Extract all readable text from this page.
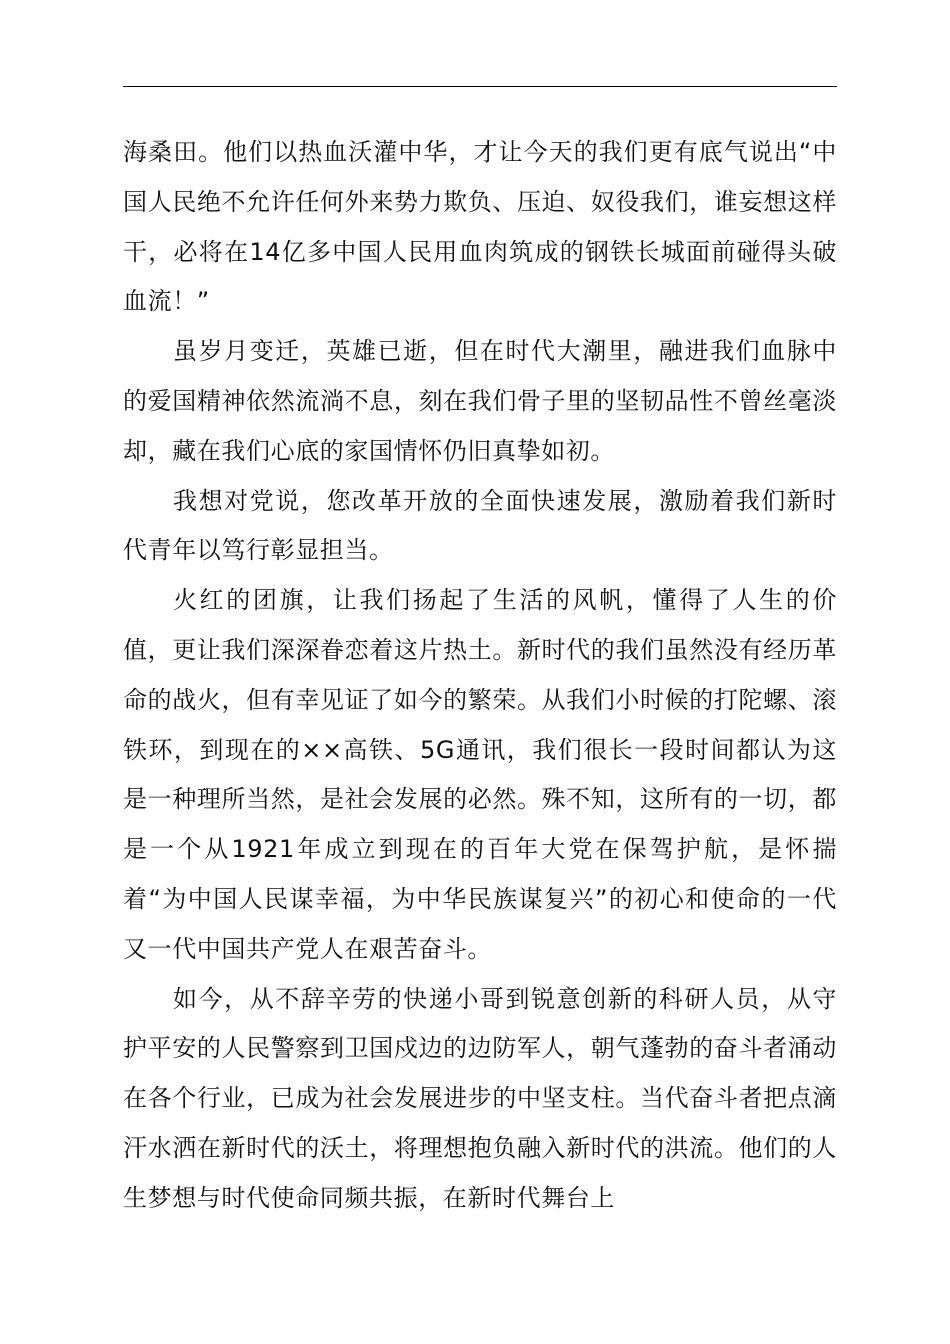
海桑田。他们以热血沃灌中华，才让今天的我们更有底气说出“中国人民绝不允许任何外来势力欺负、压迫、奴役我们，谁妄想这样干，必将在14亿多中国人民用血肉筑成的钢铁长城面前碰得头破血流！”

虽岁月变迁，英雄已逝，但在时代大潮里，融进我们血脉中的爱国精神依然流淌不息，刻在我们骨子里的坚韧品性不曾丝毫淡却，藏在我们心底的家国情怀仍旧真挚如初。

我想对党说，您改革开放的全面快速发展，激励着我们新时代青年以笃行彰显担当。

火红的团旗，让我们扬起了生活的风帆，懂得了人生的价值，更让我们深深眷恋着这片热土。新时代的我们虽然没有经历革命的战火，但有幸见证了如今的繁荣。从我们小时候的打陀螺、滚铁环，到现在的××高铁、5G通讯，我们很长一段时间都认为这是一种理所当然，是社会发展的必然。殊不知，这所有的一切，都是一个从1921年成立到现在的百年大党在保驾护航，是怀揣着“为中国人民谋幸福，为中华民族谋复兴”的初心和使命的一代又一代中国共产党人在艰苦奋斗。

如今，从不辞辛劳的快递小哥到锐意创新的科研人员，从守护平安的人民警察到卫国戍边的边防军人，朝气蓬勃的奋斗者涌动在各个行业，已成为社会发展进步的中坚支柱。当代奋斗者把点滴汗水洒在新时代的沃土，将理想抱负融入新时代的洪流。他们的人生梦想与时代使命同频共振，在新时代舞台上
